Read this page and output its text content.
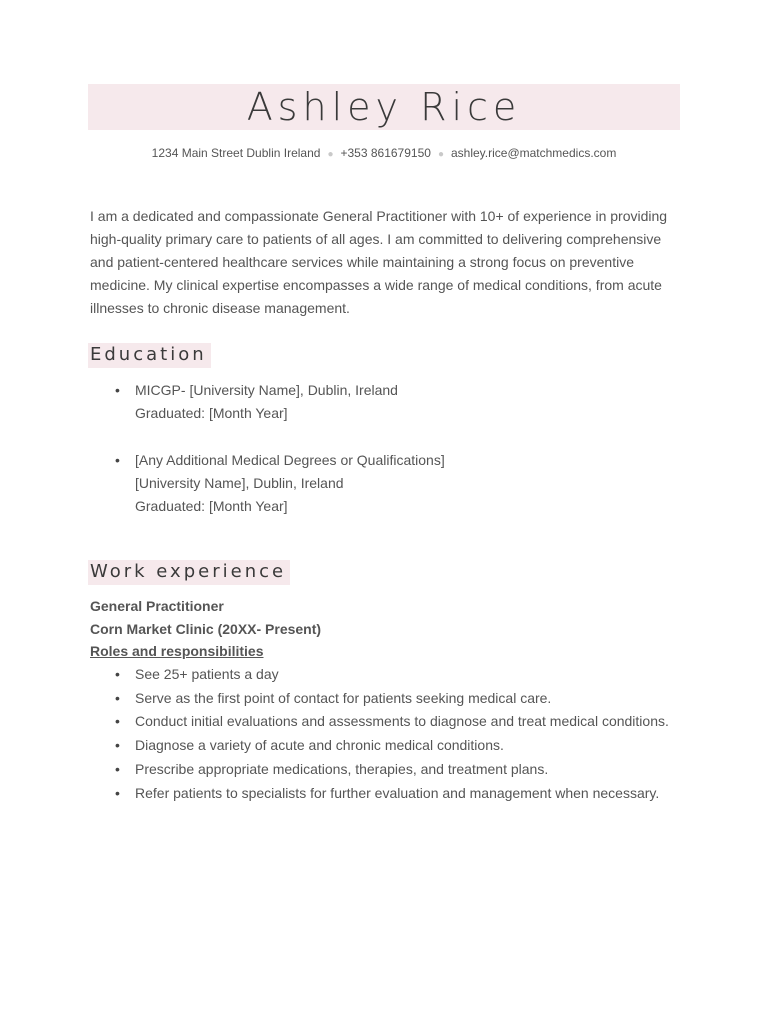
Ashley Rice
1234 Main Street Dublin Ireland ● +353 861679150 ● ashley.rice@matchmedics.com

I am a dedicated and compassionate General Practitioner with 10+ of experience in providing high-quality primary care to patients of all ages. I am committed to delivering comprehensive and patient-centered healthcare services while maintaining a strong focus on preventive medicine. My clinical expertise encompasses a wide range of medical conditions, from acute illnesses to chronic disease management.

Education
• MICGP- [University Name], Dublin, Ireland
Graduated: [Month Year]
• [Any Additional Medical Degrees or Qualifications]
[University Name], Dublin, Ireland
Graduated: [Month Year]
Work experience
General Practitioner
Corn Market Clinic (20XX- Present)
Roles and responsibilities
• See 25+ patients a day
• Serve as the first point of contact for patients seeking medical care.
• Conduct initial evaluations and assessments to diagnose and treat medical conditions.
• Diagnose a variety of acute and chronic medical conditions.
• Prescribe appropriate medications, therapies, and treatment plans.
• Refer patients to specialists for further evaluation and management when necessary.
